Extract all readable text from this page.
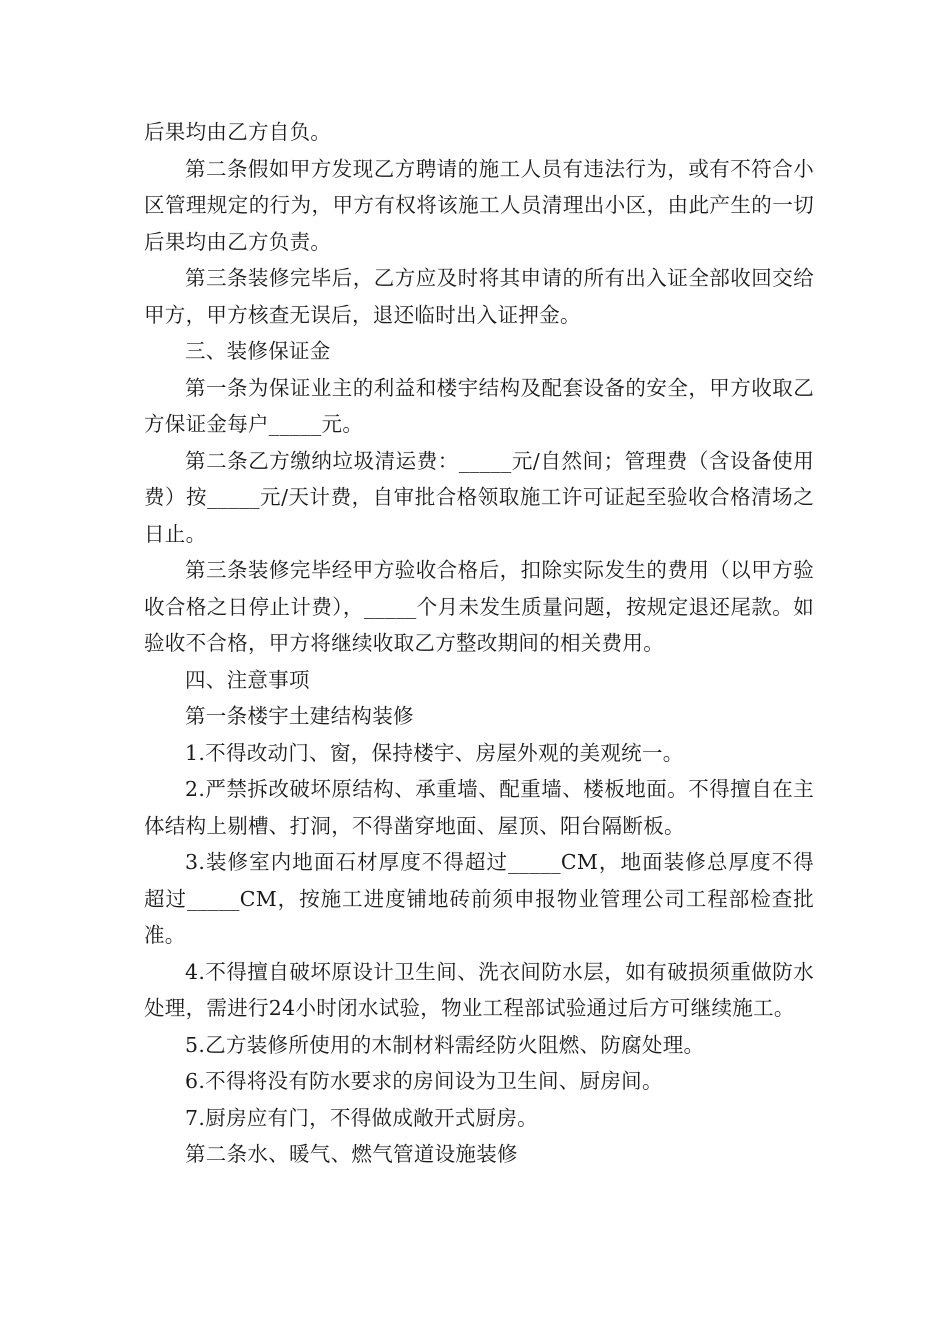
后果均由乙方自负。

第二条假如甲方发现乙方聘请的施工人员有违法行为，或有不符合小区管理规定的行为，甲方有权将该施工人员清理出小区，由此产生的一切后果均由乙方负责。

第三条装修完毕后，乙方应及时将其申请的所有出入证全部收回交给甲方，甲方核查无误后，退还临时出入证押金。

三、装修保证金

第一条为保证业主的利益和楼宇结构及配套设备的安全，甲方收取乙方保证金每户_____元。

第二条乙方缴纳垃圾清运费：_____元/自然间；管理费（含设备使用费）按_____元/天计费，自审批合格领取施工许可证起至验收合格清场之日止。

第三条装修完毕经甲方验收合格后，扣除实际发生的费用（以甲方验收合格之日停止计费），_____个月未发生质量问题，按规定退还尾款。如验收不合格，甲方将继续收取乙方整改期间的相关费用。

四、注意事项

第一条楼宇土建结构装修

1.不得改动门、窗，保持楼宇、房屋外观的美观统一。

2.严禁拆改破坏原结构、承重墙、配重墙、楼板地面。不得擅自在主体结构上剔槽、打洞，不得凿穿地面、屋顶、阳台隔断板。

3.装修室内地面石材厚度不得超过_____CM，地面装修总厚度不得超过_____CM，按施工进度铺地砖前须申报物业管理公司工程部检查批准。

4.不得擅自破坏原设计卫生间、洗衣间防水层，如有破损须重做防水处理，需进行24小时闭水试验，物业工程部试验通过后方可继续施工。

5.乙方装修所使用的木制材料需经防火阻燃、防腐处理。

6.不得将没有防水要求的房间设为卫生间、厨房间。

7.厨房应有门，不得做成敞开式厨房。

第二条水、暖气、燃气管道设施装修
